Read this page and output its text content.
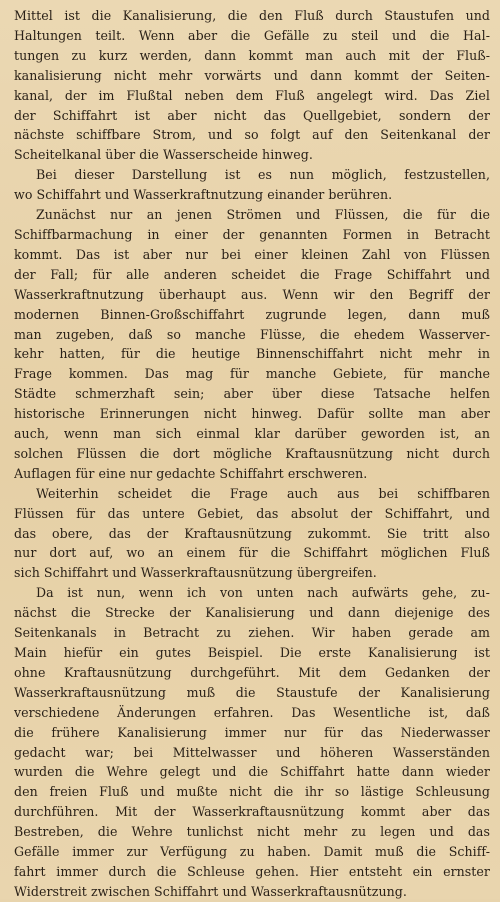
Mittel ist die Kanalisierung, die den Fluß durch Staustufen und
Haltungen teilt. Wenn aber die Gefälle zu steil und die Hal-
tungen zu kurz werden, dann kommt man auch mit der Fluß-
kanalisierung nicht mehr vorwärts und dann kommt der Seiten-
kanal, der im Flußtal neben dem Fluß angelegt wird. Das Ziel
der Schiffahrt ist aber nicht das Quellgebiet, sondern der
nächste schiffbare Strom, und so folgt auf den Seitenkanal der
Scheitelkanal über die Wasserscheide hinweg.
Bei dieser Darstellung ist es nun möglich, festzustellen,
wo Schiffahrt und Wasserkraftnutzung einander berühren.
Zunächst nur an jenen Strömen und Flüssen, die für die
Schiffbarmachung in einer der genannten Formen in Betracht
kommt. Das ist aber nur bei einer kleinen Zahl von Flüssen
der Fall; für alle anderen scheidet die Frage Schiffahrt und
Wasserkraftnutzung überhaupt aus. Wenn wir den Begriff der
modernen Binnen-Großschiffahrt zugrunde legen, dann muß
man zugeben, daß so manche Flüsse, die ehedem Wasserver-
kehr hatten, für die heutige Binnenschiffahrt nicht mehr in
Frage kommen. Das mag für manche Gebiete, für manche
Städte schmerzhaft sein; aber über diese Tatsache helfen
historische Erinnerungen nicht hinweg. Dafür sollte man aber
auch, wenn man sich einmal klar darüber geworden ist, an
solchen Flüssen die dort mögliche Kraftausnützung nicht durch
Auflagen für eine nur gedachte Schiffahrt erschweren.
Weiterhin scheidet die Frage auch aus bei schiffbaren
Flüssen für das untere Gebiet, das absolut der Schiffahrt, und
das obere, das der Kraftausnützung zukommt. Sie tritt also
nur dort auf, wo an einem für die Schiffahrt möglichen Fluß
sich Schiffahrt und Wasserkraftausnützung übergreifen.
Da ist nun, wenn ich von unten nach aufwärts gehe, zu-
nächst die Strecke der Kanalisierung und dann diejenige des
Seitenkanals in Betracht zu ziehen. Wir haben gerade am
Main hiefür ein gutes Beispiel. Die erste Kanalisierung ist
ohne Kraftausnützung durchgeführt. Mit dem Gedanken der
Wasserkraftausnützung muß die Staustufe der Kanalisierung
verschiedene Änderungen erfahren. Das Wesentliche ist, daß
die frühere Kanalisierung immer nur für das Niederwasser
gedacht war; bei Mittelwasser und höheren Wasserständen
wurden die Wehre gelegt und die Schiffahrt hatte dann wieder
den freien Fluß und mußte nicht die ihr so lästige Schleusung
durchführen. Mit der Wasserkraftausnützung kommt aber das
Bestreben, die Wehre tunlichst nicht mehr zu legen und das
Gefälle immer zur Verfügung zu haben. Damit muß die Schiff-
fahrt immer durch die Schleuse gehen. Hier entsteht ein ernster
Widerstreit zwischen Schiffahrt und Wasserkraftausnützung.
